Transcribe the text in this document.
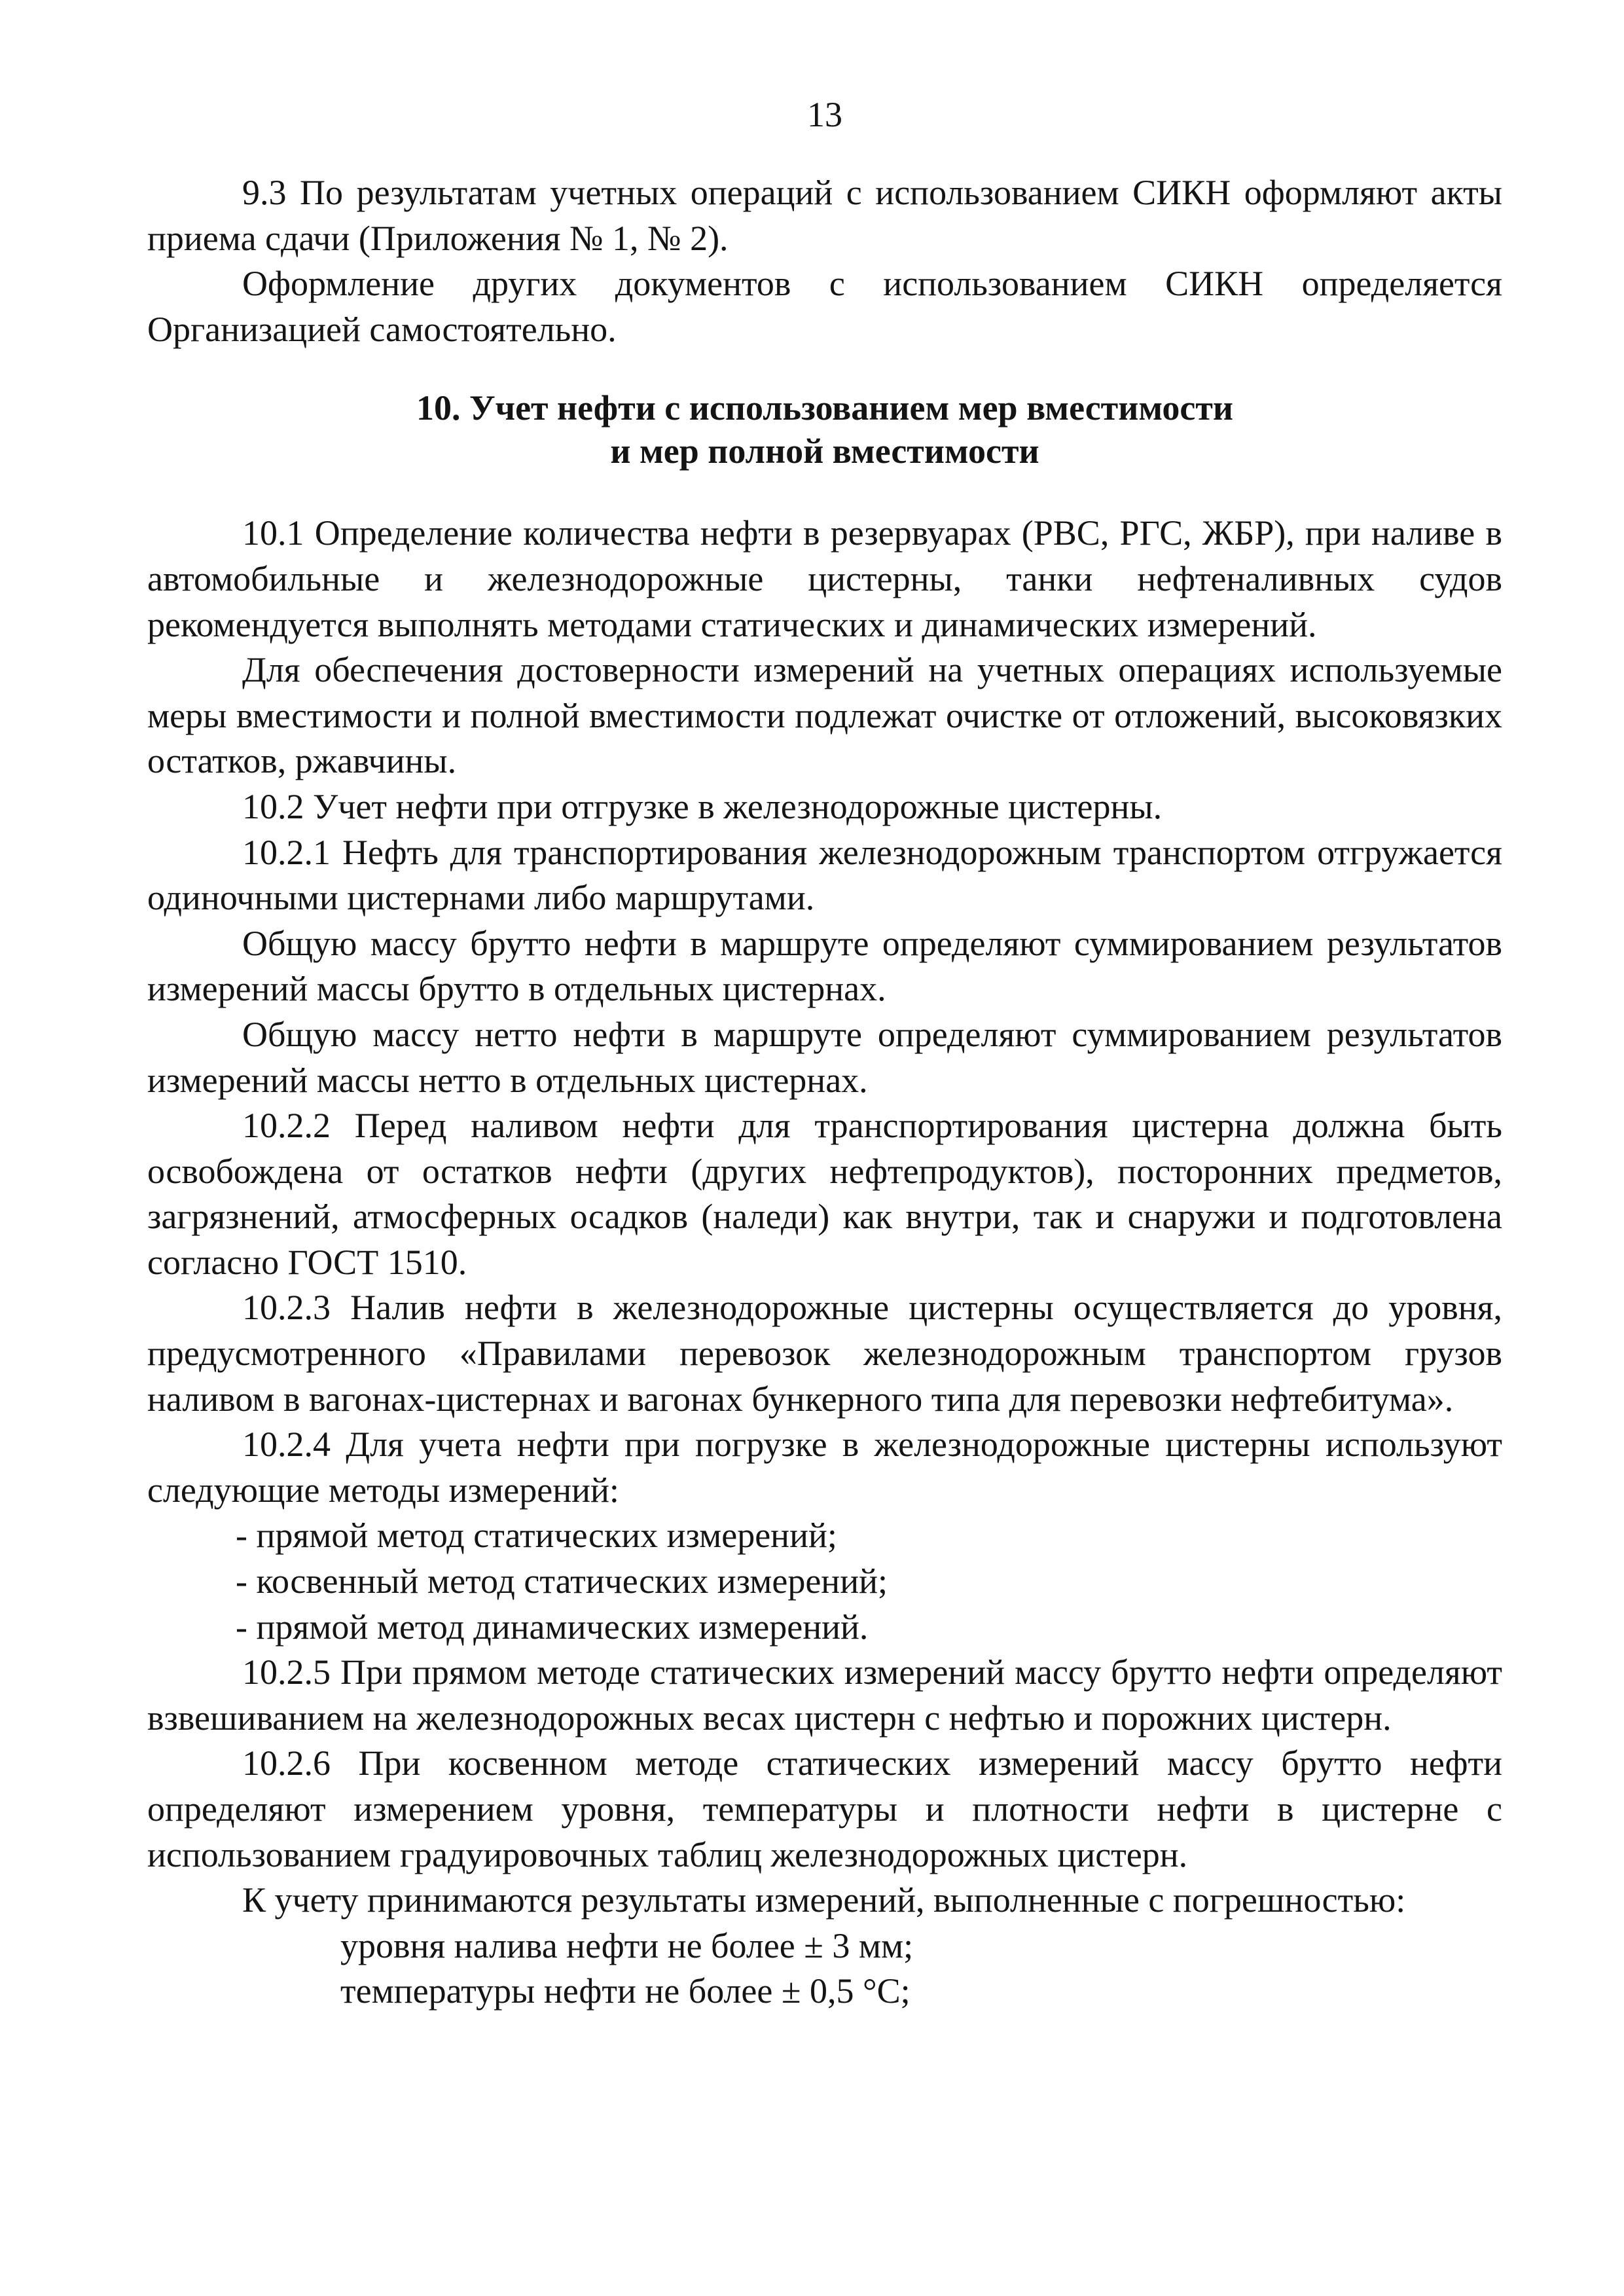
13

9.3 По результатам учетных операций с использованием СИКН оформляют акты приема сдачи (Приложения № 1, № 2).

Оформление других документов с использованием СИКН определяется Организацией самостоятельно.

10. Учет нефти с использованием мер вместимости
и мер полной вместимости

10.1 Определение количества нефти в резервуарах (РВС, РГС, ЖБР), при наливе в автомобильные и железнодорожные цистерны, танки нефтеналивных судов рекомендуется выполнять методами статических и динамических измерений.

Для обеспечения достоверности измерений на учетных операциях используемые меры вместимости и полной вместимости подлежат очистке от отложений, высоковязких остатков, ржавчины.

10.2 Учет нефти при отгрузке в железнодорожные цистерны.

10.2.1 Нефть для транспортирования железнодорожным транспортом отгружается одиночными цистернами либо маршрутами.

Общую массу брутто нефти в маршруте определяют суммированием результатов измерений массы брутто в отдельных цистернах.

Общую массу нетто нефти в маршруте определяют суммированием результатов измерений массы нетто в отдельных цистернах.

10.2.2 Перед наливом нефти для транспортирования цистерна должна быть освобождена от остатков нефти (других нефтепродуктов), посторонних предметов, загрязнений, атмосферных осадков (наледи) как внутри, так и снаружи и подготовлена согласно ГОСТ 1510.

10.2.3 Налив нефти в железнодорожные цистерны осуществляется до уровня, предусмотренного «Правилами перевозок железнодорожным транспортом грузов наливом в вагонах-цистернах и вагонах бункерного типа для перевозки нефтебитума».

10.2.4 Для учета нефти при погрузке в железнодорожные цистерны используют следующие методы измерений:

- прямой метод статических измерений;

- косвенный метод статических измерений;

- прямой метод динамических измерений.

10.2.5 При прямом методе статических измерений массу брутто нефти определяют взвешиванием на железнодорожных весах цистерн с нефтью и порожних цистерн.

10.2.6 При косвенном методе статических измерений массу брутто нефти определяют измерением уровня, температуры и плотности нефти в цистерне с использованием градуировочных таблиц железнодорожных цистерн.

К учету принимаются результаты измерений, выполненные с погрешностью:

уровня налива нефти не более ± 3 мм;

температуры нефти не более ± 0,5 °С;
